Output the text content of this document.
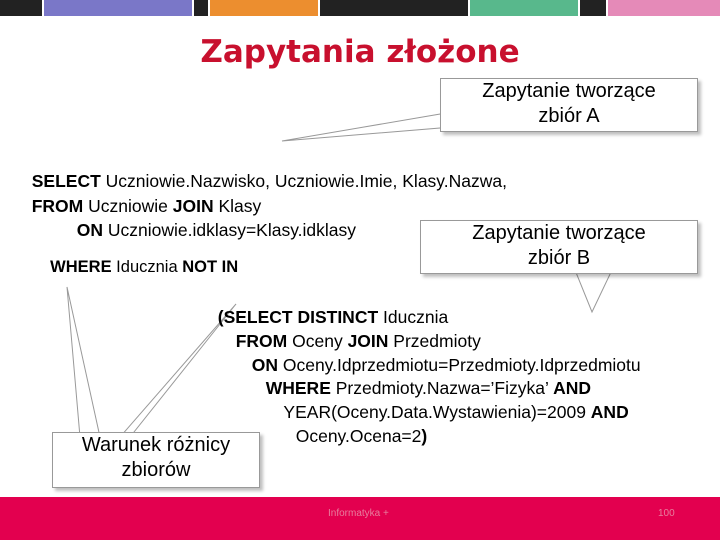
Zapytania złożone
Zapytanie tworzące
zbiór A
Zapytanie tworzące
zbiór B

SELECT Uczniowie.Nazwisko, Uczniowie.Imie, Klasy.Nazwa,

FROM Uczniowie JOIN Klasy

ON Uczniowie.idklasy=Klasy.idklasy

WHERE Iducznia NOT IN

(SELECT DISTINCT Iducznia

FROM Oceny JOIN Przedmioty

ON Oceny.Idprzedmiotu=Przedmioty.Idprzedmiotu

WHERE Przedmioty.Nazwa=’Fizyka’ AND

YEAR(Oceny.Data.Wystawienia)=2009 AND

Oceny.Ocena=2)

Warunek różnicy
zbiorów
Informatyka +	100
